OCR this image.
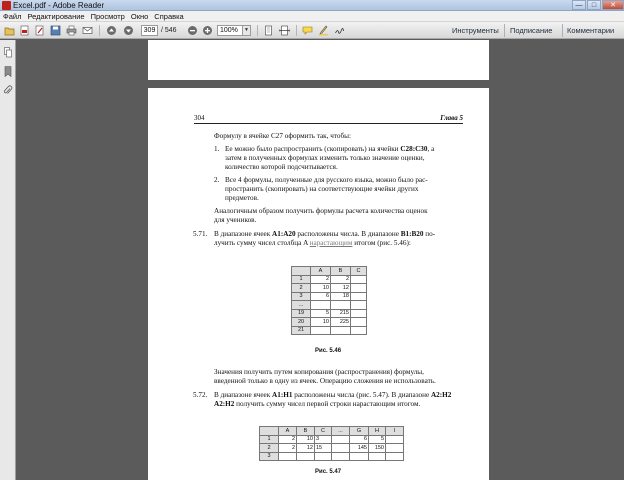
Excel.pdf - Adobe Reader	—	□	✕
Файл Редактирование Просмотр Окно Справка
309
/ 546
100%	▼	Инструменты Подписание Комментарии
304	Глава 5
Формулу в ячейке C27 оформить так, чтобы:
1. Ее можно было распространить (скопировать) на ячейки C28:C30, а
затем в полученных формулах изменить только значение оценки,
количество которой подсчитывается.
2. Все 4 формулы, полученные для русского языка, можно было рас-
пространить (скопировать) на соответствующие ячейки других
предметов.
Аналогичным образом получить формулы расчета количества оценок
для учеников.
5.71. В диапазоне ячеек A1:A20 расположены числа. В диапазоне B1:B20 по-
лучить сумму чисел столбца A нарастающим итогом (рис. 5.46):
	A	B	C
1	2	2	
2	10	12	
3	6	18	
...			
19	5	215	
20	10	225	
21			
Рис. 5.46
Значения получить путем копирования (распространения) формулы,
введенной только в одну из ячеек. Операцию сложения не использовать.
5.72. В диапазоне ячеек A1:H1 расположены числа (рис. 5.47). В диапазоне A2:H2
A2:H2 получить сумму чисел первой строки нарастающим итогом.
	A	B	C	...	G	H	I
1	2	10	3		6	5	
2	2	12	15		145	150	
3							
Рис. 5.47
